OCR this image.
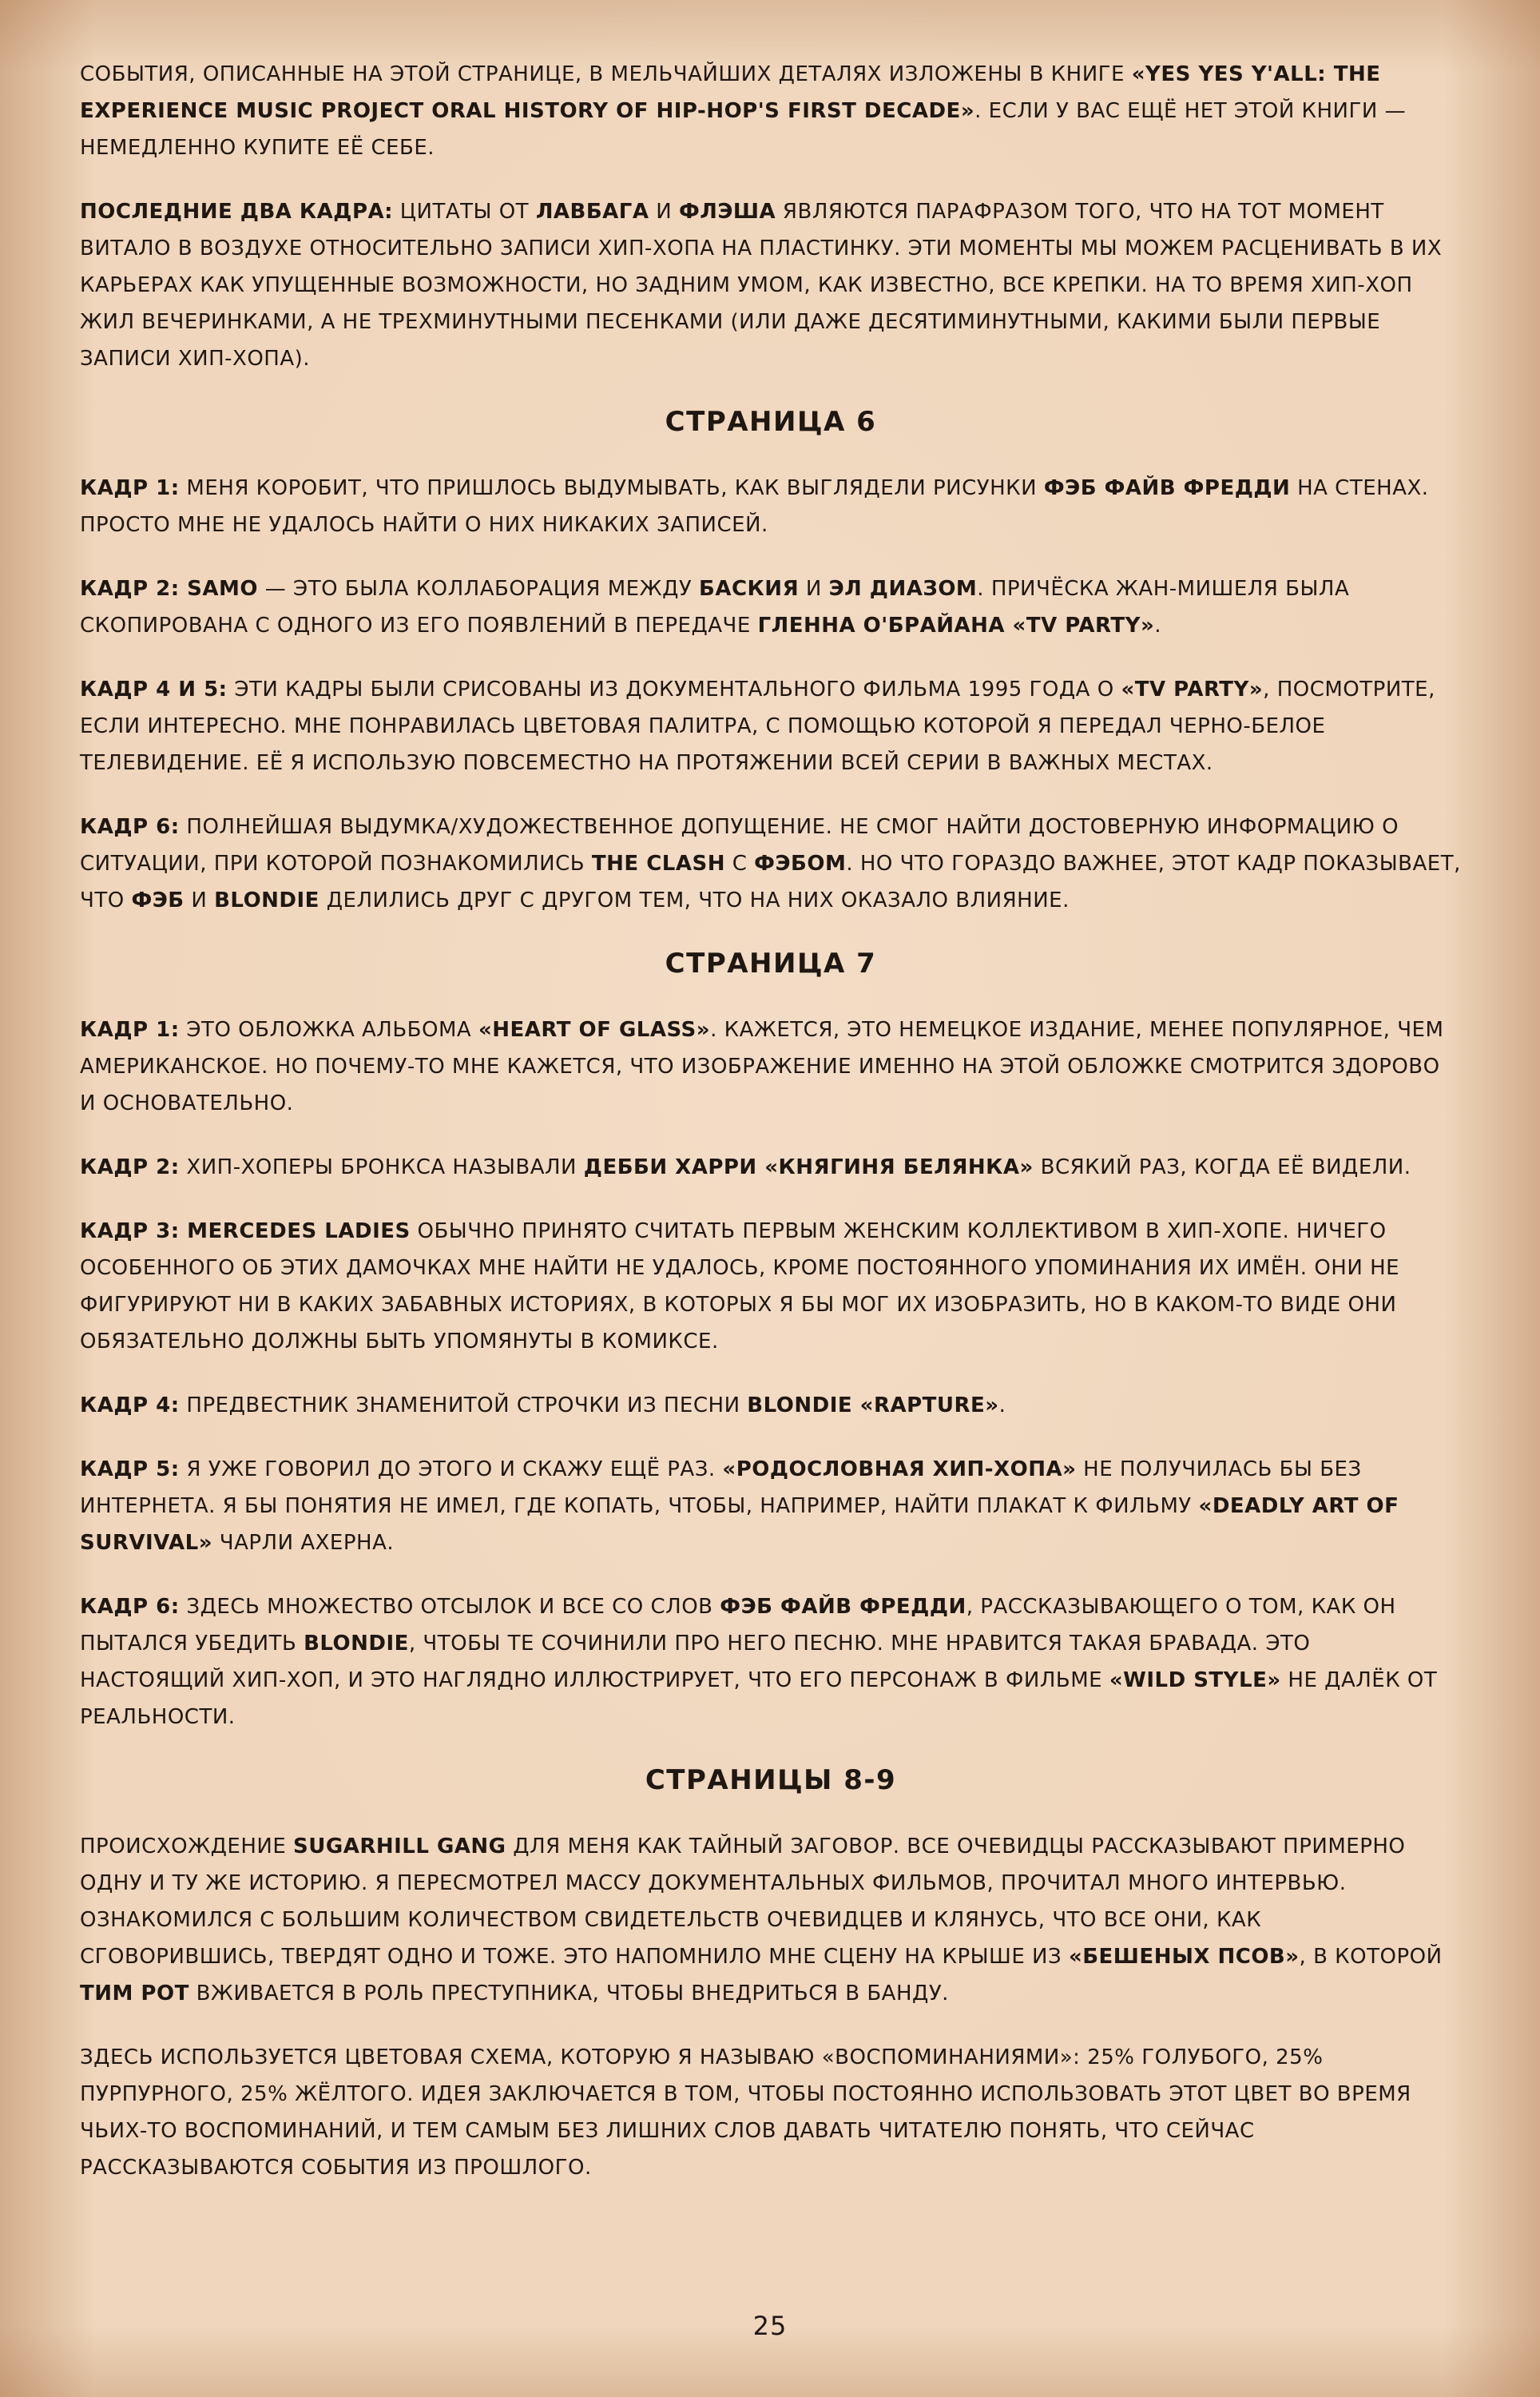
СОБЫТИЯ, ОПИСАННЫЕ НА ЭТОЙ СТРАНИЦЕ, В МЕЛЬЧАЙШИХ ДЕТАЛЯХ ИЗЛОЖЕНЫ В КНИГЕ «YES YES Y'ALL: THE EXPERIENCE MUSIC PROJECT ORAL HISTORY OF HIP-HOP'S FIRST DECADE». ЕСЛИ У ВАС ЕЩЁ НЕТ ЭТОЙ КНИГИ — НЕМЕДЛЕННО КУПИТЕ ЕЁ СЕБЕ.

ПОСЛЕДНИЕ ДВА КАДРА: ЦИТАТЫ ОТ ЛАВБАГА И ФЛЭША ЯВЛЯЮТСЯ ПАРАФРАЗОМ ТОГО, ЧТО НА ТОТ МОМЕНТ ВИТАЛО В ВОЗДУХЕ ОТНОСИТЕЛЬНО ЗАПИСИ ХИП-ХОПА НА ПЛАСТИНКУ. ЭТИ МОМЕНТЫ МЫ МОЖЕМ РАСЦЕНИВАТЬ В ИХ КАРЬЕРАХ КАК УПУЩЕННЫЕ ВОЗМОЖНОСТИ, НО ЗАДНИМ УМОМ, КАК ИЗВЕСТНО, ВСЕ КРЕПКИ. НА ТО ВРЕМЯ ХИП-ХОП ЖИЛ ВЕЧЕРИНКАМИ, А НЕ ТРЕХМИНУТНЫМИ ПЕСЕНКАМИ (ИЛИ ДАЖЕ ДЕСЯТИМИНУТНЫМИ, КАКИМИ БЫЛИ ПЕРВЫЕ ЗАПИСИ ХИП-ХОПА).

СТРАНИЦА 6

КАДР 1: МЕНЯ КОРОБИТ, ЧТО ПРИШЛОСЬ ВЫДУМЫВАТЬ, КАК ВЫГЛЯДЕЛИ РИСУНКИ ФЭБ ФАЙВ ФРЕДДИ НА СТЕНАХ. ПРОСТО МНЕ НЕ УДАЛОСЬ НАЙТИ О НИХ НИКАКИХ ЗАПИСЕЙ.

КАДР 2: SAMO — ЭТО БЫЛА КОЛЛАБОРАЦИЯ МЕЖДУ БАСКИЯ И ЭЛ ДИАЗОМ. ПРИЧЁСКА ЖАН-МИШЕЛЯ БЫЛА СКОПИРОВАНА С ОДНОГО ИЗ ЕГО ПОЯВЛЕНИЙ В ПЕРЕДАЧЕ ГЛЕННА О'БРАЙАНА «TV PARTY».

КАДР 4 И 5: ЭТИ КАДРЫ БЫЛИ СРИСОВАНЫ ИЗ ДОКУМЕНТАЛЬНОГО ФИЛЬМА 1995 ГОДА О «TV PARTY», ПОСМОТРИТЕ, ЕСЛИ ИНТЕРЕСНО. МНЕ ПОНРАВИЛАСЬ ЦВЕТОВАЯ ПАЛИТРА, С ПОМОЩЬЮ КОТОРОЙ Я ПЕРЕДАЛ ЧЕРНО-БЕЛОЕ ТЕЛЕВИДЕНИЕ. ЕЁ Я ИСПОЛЬЗУЮ ПОВСЕМЕСТНО НА ПРОТЯЖЕНИИ ВСЕЙ СЕРИИ В ВАЖНЫХ МЕСТАХ.

КАДР 6: ПОЛНЕЙШАЯ ВЫДУМКА/ХУДОЖЕСТВЕННОЕ ДОПУЩЕНИЕ. НЕ СМОГ НАЙТИ ДОСТОВЕРНУЮ ИНФОРМАЦИЮ О СИТУАЦИИ, ПРИ КОТОРОЙ ПОЗНАКОМИЛИСЬ THE CLASH С ФЭБОМ. НО ЧТО ГОРАЗДО ВАЖНЕЕ, ЭТОТ КАДР ПОКАЗЫВАЕТ, ЧТО ФЭБ И BLONDIE ДЕЛИЛИСЬ ДРУГ С ДРУГОМ ТЕМ, ЧТО НА НИХ ОКАЗАЛО ВЛИЯНИЕ.

СТРАНИЦА 7

КАДР 1: ЭТО ОБЛОЖКА АЛЬБОМА «HEART OF GLASS». КАЖЕТСЯ, ЭТО НЕМЕЦКОЕ ИЗДАНИЕ, МЕНЕЕ ПОПУЛЯРНОЕ, ЧЕМ АМЕРИКАНСКОЕ. НО ПОЧЕМУ-ТО МНЕ КАЖЕТСЯ, ЧТО ИЗОБРАЖЕНИЕ ИМЕННО НА ЭТОЙ ОБЛОЖКЕ СМОТРИТСЯ ЗДОРОВО И ОСНОВАТЕЛЬНО.

КАДР 2: ХИП-ХОПЕРЫ БРОНКСА НАЗЫВАЛИ ДЕББИ ХАРРИ «КНЯГИНЯ БЕЛЯНКА» ВСЯКИЙ РАЗ, КОГДА ЕЁ ВИДЕЛИ.

КАДР 3: MERCEDES LADIES ОБЫЧНО ПРИНЯТО СЧИТАТЬ ПЕРВЫМ ЖЕНСКИМ КОЛЛЕКТИВОМ В ХИП-ХОПЕ. НИЧЕГО ОСОБЕННОГО ОБ ЭТИХ ДАМОЧКАХ МНЕ НАЙТИ НЕ УДАЛОСЬ, КРОМЕ ПОСТОЯННОГО УПОМИНАНИЯ ИХ ИМЁН. ОНИ НЕ ФИГУРИРУЮТ НИ В КАКИХ ЗАБАВНЫХ ИСТОРИЯХ, В КОТОРЫХ Я БЫ МОГ ИХ ИЗОБРАЗИТЬ, НО В КАКОМ-ТО ВИДЕ ОНИ ОБЯЗАТЕЛЬНО ДОЛЖНЫ БЫТЬ УПОМЯНУТЫ В КОМИКСЕ.

КАДР 4: ПРЕДВЕСТНИК ЗНАМЕНИТОЙ СТРОЧКИ ИЗ ПЕСНИ BLONDIE «RAPTURE».

КАДР 5: Я УЖЕ ГОВОРИЛ ДО ЭТОГО И СКАЖУ ЕЩЁ РАЗ. «РОДОСЛОВНАЯ ХИП-ХОПА» НЕ ПОЛУЧИЛАСЬ БЫ БЕЗ ИНТЕРНЕТА. Я БЫ ПОНЯТИЯ НЕ ИМЕЛ, ГДЕ КОПАТЬ, ЧТОБЫ, НАПРИМЕР, НАЙТИ ПЛАКАТ К ФИЛЬМУ «DEADLY ART OF SURVIVAL» ЧАРЛИ АХЕРНА.

КАДР 6: ЗДЕСЬ МНОЖЕСТВО ОТСЫЛОК И ВСЕ СО СЛОВ ФЭБ ФАЙВ ФРЕДДИ, РАССКАЗЫВАЮЩЕГО О ТОМ, КАК ОН ПЫТАЛСЯ УБЕДИТЬ BLONDIE, ЧТОБЫ ТЕ СОЧИНИЛИ ПРО НЕГО ПЕСНЮ. МНЕ НРАВИТСЯ ТАКАЯ БРАВАДА. ЭТО НАСТОЯЩИЙ ХИП-ХОП, И ЭТО НАГЛЯДНО ИЛЛЮСТРИРУЕТ, ЧТО ЕГО ПЕРСОНАЖ В ФИЛЬМЕ «WILD STYLE» НЕ ДАЛЁК ОТ РЕАЛЬНОСТИ.

СТРАНИЦЫ 8-9

ПРОИСХОЖДЕНИЕ SUGARHILL GANG ДЛЯ МЕНЯ КАК ТАЙНЫЙ ЗАГОВОР. ВСЕ ОЧЕВИДЦЫ РАССКАЗЫВАЮТ ПРИМЕРНО ОДНУ И ТУ ЖЕ ИСТОРИЮ. Я ПЕРЕСМОТРЕЛ МАССУ ДОКУМЕНТАЛЬНЫХ ФИЛЬМОВ, ПРОЧИТАЛ МНОГО ИНТЕРВЬЮ. ОЗНАКОМИЛСЯ С БОЛЬШИМ КОЛИЧЕСТВОМ СВИДЕТЕЛЬСТВ ОЧЕВИДЦЕВ И КЛЯНУСЬ, ЧТО ВСЕ ОНИ, КАК СГОВОРИВШИСЬ, ТВЕРДЯТ ОДНО И ТОЖЕ. ЭТО НАПОМНИЛО МНЕ СЦЕНУ НА КРЫШЕ ИЗ «БЕШЕНЫХ ПСОВ», В КОТОРОЙ ТИМ РОТ ВЖИВАЕТСЯ В РОЛЬ ПРЕСТУПНИКА, ЧТОБЫ ВНЕДРИТЬСЯ В БАНДУ.

ЗДЕСЬ ИСПОЛЬЗУЕТСЯ ЦВЕТОВАЯ СХЕМА, КОТОРУЮ Я НАЗЫВАЮ «ВОСПОМИНАНИЯМИ»: 25% ГОЛУБОГО, 25% ПУРПУРНОГО, 25% ЖЁЛТОГО. ИДЕЯ ЗАКЛЮЧАЕТСЯ В ТОМ, ЧТОБЫ ПОСТОЯННО ИСПОЛЬЗОВАТЬ ЭТОТ ЦВЕТ ВО ВРЕМЯ ЧЬИХ-ТО ВОСПОМИНАНИЙ, И ТЕМ САМЫМ БЕЗ ЛИШНИХ СЛОВ ДАВАТЬ ЧИТАТЕЛЮ ПОНЯТЬ, ЧТО СЕЙЧАС РАССКАЗЫВАЮТСЯ СОБЫТИЯ ИЗ ПРОШЛОГО.

25
